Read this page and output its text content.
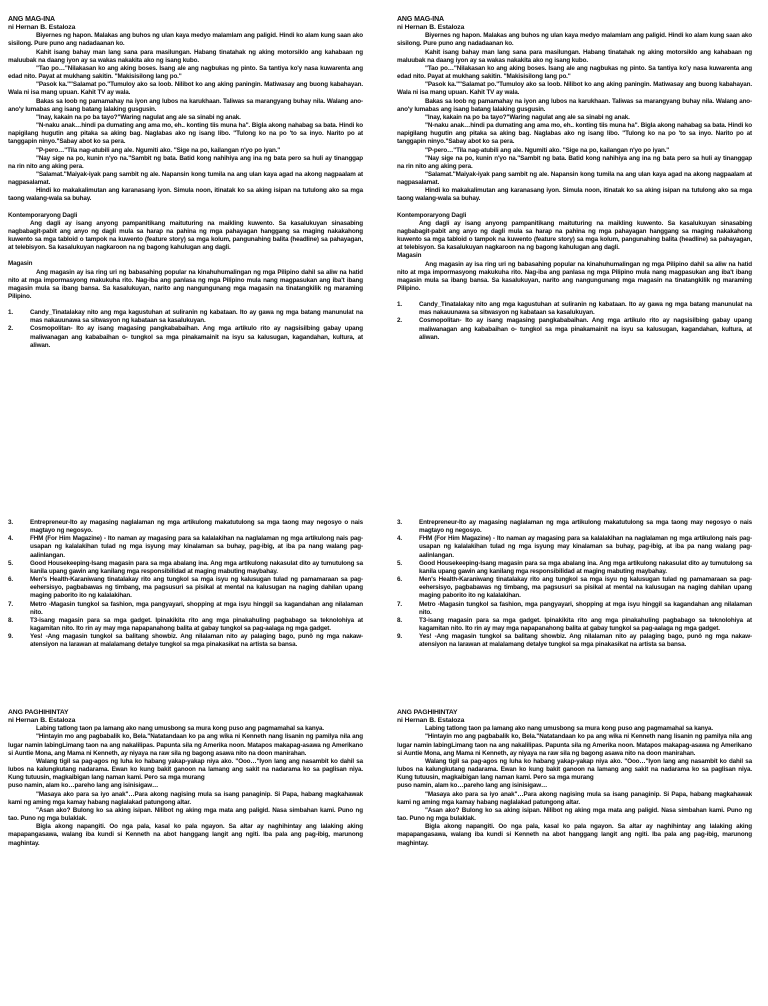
ANG MAG-INA

ni Hernan B. Estaloza

Biyernes ng hapon. Malakas ang buhos ng ulan kaya medyo malamlam ang paligid. Hindi ko alam kung saan ako sisilong. Pure puno ang nadadaanan ko.

Kahit isang bahay man lang sana para masilungan. Habang tinatahak ng aking motorsiklo ang kahabaan ng maluubak na daang iyon ay sa wakas nakakita ako ng isang kubo.

"Tao po…"Nilakasan ko ang aking boses. Isang ale ang nagbukas ng pinto. Sa tantiya ko'y nasa kuwarenta ang edad nito. Payat at mukhang sakitin. "Makisisilong lang po."

"Pasok ka.""Salamat po."Tumuloy ako sa loob. Nilibot ko ang aking paningin. Matiwasay ang buong kabahayan. Wala ni isa mang upuan. Kahit TV ay wala.

Bakas sa loob ng pamamahay na iyon ang lubos na karukhaan. Taliwas sa marangyang buhay nila. Walang ano-ano'y lumabas ang isang batang lalaking gusgusin.

"Inay, kakain na po ba tayo?"Waring nagulat ang ale sa sinabi ng anak.

"N-naku anak…hindi pa dumating ang ama mo, eh.. konting tiis muna ha". Bigla akong nahabag sa bata. Hindi ko napigilang hugutin ang pitaka sa aking bag. Naglabas ako ng isang libo. "Tulong ko na po 'to sa inyo. Narito po at tanggapin ninyo."Sabay abot ko sa pera.

"P-pero…"Tila nag-atubili ang ale. Ngumiti ako. "Sige na po, kailangan n'yo po iyan."

"Nay sige na po, kunin n'yo na."Sambit ng bata. Batid kong nahihiya ang ina ng bata pero sa huli ay tinanggap na rin nito ang aking pera.

"Salamat."Maiyak-iyak pang sambit ng ale. Napansin kong tumila na ang ulan kaya agad na akong nagpaalam at nagpasalamat.

Hindi ko makakalimutan ang karanasang iyon. Simula noon, itinatak ko sa aking isipan na tutulong ako sa mga taong walang-wala sa buhay.

Kontemporaryong Dagli

Ang dagli ay isang anyong pampanitikang maituturing na maikling kuwento. Sa kasalukuyan sinasabing nagbabagit-pabit ang anyo ng dagli mula sa harap na pahina ng mga pahayagan hanggang sa maging nakakahong kuwento sa mga tabloid o tampok na kuwento (feature story) sa mga kolum, pangunahing balita (headline) sa pahayagan, at telebisyon. Sa kasalukuyan nagkaroon na ng bagong kahulugan ang dagli.

Magasin

Ang magasin ay isa ring uri ng babasahing popular na kinahuhumalingan ng mga Pilipino dahil sa aliw na hatid nito at mga impormasyong makukuha rito. Nag-iba ang panlasa ng mga Pilipino mula nang magpasukan ang iba't ibang magasin mula sa ibang bansa. Sa kasalukuyan, narito ang nangungunang mga magasin na tinatangkilik ng maraming Pilipino.

1.	Candy_Tinatalakay nito ang mga kagustuhan at suliranin ng kabataan. Ito ay gawa ng mga batang manunulat na mas nakauunawa sa sitwasyon ng kabataan sa kasalukuyan.
2.	Cosmopolitan- Ito ay isang magasing pangkababaihan. Ang mga artikulo rito ay nagsisilbing gabay upang maliwanagan ang kababaihan o- tungkol sa mga pinakamainit na isyu sa kalusugan, kagandahan, kultura, at aliwan.
ANG MAG-INA

ni Hernan B. Estaloza

Biyernes ng hapon. Malakas ang buhos ng ulan kaya medyo malamlam ang paligid. Hindi ko alam kung saan ako sisilong. Pure puno ang nadadaanan ko.

Kahit isang bahay man lang sana para masilungan. Habang tinatahak ng aking motorsiklo ang kahabaan ng maluubak na daang iyon ay sa wakas nakakita ako ng isang kubo.

"Tao po…"Nilakasan ko ang aking boses. Isang ale ang nagbukas ng pinto. Sa tantiya ko'y nasa kuwarenta ang edad nito. Payat at mukhang sakitin. "Makisisilong lang po."

"Pasok ka.""Salamat po."Tumuloy ako sa loob. Nilibot ko ang aking paningin. Matiwasay ang buong kabahayan. Wala ni isa mang upuan. Kahit TV ay wala.

Bakas sa loob ng pamamahay na iyon ang lubos na karukhaan. Taliwas sa marangyang buhay nila. Walang ano-ano'y lumabas ang isang batang lalaking gusgusin.

"Inay, kakain na po ba tayo?"Waring nagulat ang ale sa sinabi ng anak.

"N-naku anak…hindi pa dumating ang ama mo, eh.. konting tiis muna ha". Bigla akong nahabag sa bata. Hindi ko napigilang hugutin ang pitaka sa aking bag. Naglabas ako ng isang libo. "Tulong ko na po 'to sa inyo. Narito po at tanggapin ninyo."Sabay abot ko sa pera.

"P-pero…"Tila nag-atubili ang ale. Ngumiti ako. "Sige na po, kailangan n'yo po iyan."

"Nay sige na po, kunin n'yo na."Sambit ng bata. Batid kong nahihiya ang ina ng bata pero sa huli ay tinanggap na rin nito ang aking pera.

"Salamat."Maiyak-iyak pang sambit ng ale. Napansin kong tumila na ang ulan kaya agad na akong nagpaalam at nagpasalamat.

Hindi ko makakalimutan ang karanasang iyon. Simula noon, itinatak ko sa aking isipan na tutulong ako sa mga taong walang-wala sa buhay.

Kontemporaryong Dagli

Ang dagli ay isang anyong pampanitikang maituturing na maikling kuwento. Sa kasalukuyan sinasabing nagbabagit-pabit ang anyo ng dagli mula sa harap na pahina ng mga pahayagan hanggang sa maging nakakahong kuwento sa mga tabloid o tampok na kuwento (feature story) sa mga kolum, pangunahing balita (headline) sa pahayagan, at telebisyon. Sa kasalukuyan nagkaroon na ng bagong kahulugan ang dagli.

Magasin

Ang magasin ay isa ring uri ng babasahing popular na kinahuhumalingan ng mga Pilipino dahil sa aliw na hatid nito at mga impormasyong makukuha rito. Nag-iba ang panlasa ng mga Pilipino mula nang magpasukan ang iba't ibang magasin mula sa ibang bansa. Sa kasalukuyan, narito ang nangungunang mga magasin na tinatangkilik ng maraming Pilipino.

1.	Candy_Tinatalakay nito ang mga kagustuhan at suliranin ng kabataan. Ito ay gawa ng mga batang manunulat na mas nakauunawa sa sitwasyon ng kabataan sa kasalukuyan.
2.	Cosmopolitan- Ito ay isang magasing pangkababaihan. Ang mga artikulo rito ay nagsisilbing gabay upang maliwanagan ang kababaihan o- tungkol sa mga pinakamainit na isyu sa kalusugan, kagandahan, kultura, at aliwan.
3.	Entrepreneur-Ito ay magasing naglalaman ng mga artikulong makatutulong sa mga taong may negosyo o nais magtayo ng negosyo.
4.	FHM (For Him Magazine) - Ito naman ay magasing para sa kalalakihan na naglalaman ng mga artikulong nais pag-usapan ng kalalakihan tulad ng mga isyung may kinalaman sa buhay, pag-ibig, at iba pa nang walang pag-aalinlangan.
5.	Good Housekeeping-Isang magasin para sa mga abalang ina. Ang mga artikulong nakasulat dito ay tumutulong sa kanila upang gawin ang kanilang mga responsibilidad at maging mabuting maybahay.
6.	Men's Health-Karaniwang tinatalakay rito ang tungkol sa mga isyu ng kalusugan tulad ng pamamaraan sa pag-eehersisyo, pagbabawas ng timbang, ma pagsusuri sa pisikal at mental na kalusugan na naging dahilan upang maging paborito ito ng kalalakihan.
7.	Metro -Magasin tungkol sa fashion, mga pangyayari, shopping at mga isyu hinggil sa kagandahan ang nilalaman nito.
8.	T3-isang magasin para sa mga gadget. Ipinakikita rito ang mga pinakahuling pagbabago sa teknolohiya at kagamitan nito. Ito rin ay may mga napapanahong balita at gabay tungkol sa pag-aalaga ng mga gadget.
9.	Yes! -Ang magasin tungkol sa balitang showbiz. Ang nilalaman nito ay palaging bago, punô ng mga nakaw-atensiyon na larawan at malalamang detalye tungkol sa mga pinakasikat na artista sa bansa.
3.	Entrepreneur-Ito ay magasing naglalaman ng mga artikulong makatutulong sa mga taong may negosyo o nais magtayo ng negosyo.
4.	FHM (For Him Magazine) - Ito naman ay magasing para sa kalalakihan na naglalaman ng mga artikulong nais pag-usapan ng kalalakihan tulad ng mga isyung may kinalaman sa buhay, pag-ibig, at iba pa nang walang pag-aalinlangan.
5.	Good Housekeeping-Isang magasin para sa mga abalang ina. Ang mga artikulong nakasulat dito ay tumutulong sa kanila upang gawin ang kanilang mga responsibilidad at maging mabuting maybahay.
6.	Men's Health-Karaniwang tinatalakay rito ang tungkol sa mga isyu ng kalusugan tulad ng pamamaraan sa pag-eehersisyo, pagbabawas ng timbang, ma pagsusuri sa pisikal at mental na kalusugan na naging dahilan upang maging paborito ito ng kalalakihan.
7.	Metro -Magasin tungkol sa fashion, mga pangyayari, shopping at mga isyu hinggil sa kagandahan ang nilalaman nito.
8.	T3-isang magasin para sa mga gadget. Ipinakikita rito ang mga pinakahuling pagbabago sa teknolohiya at kagamitan nito. Ito rin ay may mga napapanahong balita at gabay tungkol sa pag-aalaga ng mga gadget.
9.	Yes! -Ang magasin tungkol sa balitang showbiz. Ang nilalaman nito ay palaging bago, punô ng mga nakaw-atensiyon na larawan at malalamang detalye tungkol sa mga pinakasikat na artista sa bansa.

ANG PAGHIHINTAY

ni Hernan B. Estaloza

Labing tatlong taon pa lamang ako nang umusbong sa mura kong puso ang pagmamahal sa kanya.

"Hintayin mo ang pagbabalik ko, Bela."Natatandaan ko pa ang wika ni Kenneth nang lisanin ng pamilya nila ang lugar namin labingLimang taon na ang nakalilipas. Papunta sila ng Amerika noon. Matapos makapag-asawa ng Amerikano si Auntie Mona, ang Mama ni Kenneth, ay niyaya na raw sila ng bagong asawa nito na doon manirahan.

Walang tigil sa pag-agos ng luha ko habang yakap-yakap niya ako. "Ooo…"Iyon lang ang nasambit ko dahil sa lubos na kalungkutang nadarama. Ewan ko kung bakit ganoon na lamang ang sakit na nadarama ko sa paglisan niya. Kung tutuusin, magkaibigan lang naman kami. Pero sa mga murang

puso namin, alam ko…pareho lang ang isinisigaw…

"Masaya ako para sa iyo anak"…Para akong nagising mula sa isang panaginip. Si Papa, habang magkahawak kami ng aming mga kamay habang naglalakad patungong altar.

"Asan ako? Bulong ko sa aking isipan. Nilibot ng aking mga mata ang paligid. Nasa simbahan kami. Puno ng tao. Puno ng mga bulaklak.

Bigla akong napangiti. Oo nga pala, kasal ko pala ngayon. Sa altar ay naghihintay ang lalaking aking mapapangasawa, walang iba kundi si Kenneth na abot hanggang langit ang ngiti. Iba pala ang pag-ibig, marunong maghintay.

ANG PAGHIHINTAY

ni Hernan B. Estaloza

Labing tatlong taon pa lamang ako nang umusbong sa mura kong puso ang pagmamahal sa kanya.

"Hintayin mo ang pagbabalik ko, Bela."Natatandaan ko pa ang wika ni Kenneth nang lisanin ng pamilya nila ang lugar namin labingLimang taon na ang nakalilipas. Papunta sila ng Amerika noon. Matapos makapag-asawa ng Amerikano si Auntie Mona, ang Mama ni Kenneth, ay niyaya na raw sila ng bagong asawa nito na doon manirahan.

Walang tigil sa pag-agos ng luha ko habang yakap-yakap niya ako. "Ooo…"Iyon lang ang nasambit ko dahil sa lubos na kalungkutang nadarama. Ewan ko kung bakit ganoon na lamang ang sakit na nadarama ko sa paglisan niya. Kung tutuusin, magkaibigan lang naman kami. Pero sa mga murang

puso namin, alam ko…pareho lang ang isinisigaw…

"Masaya ako para sa iyo anak"…Para akong nagising mula sa isang panaginip. Si Papa, habang magkahawak kami ng aming mga kamay habang naglalakad patungong altar.

"Asan ako? Bulong ko sa aking isipan. Nilibot ng aking mga mata ang paligid. Nasa simbahan kami. Puno ng tao. Puno ng mga bulaklak.

Bigla akong napangiti. Oo nga pala, kasal ko pala ngayon. Sa altar ay naghihintay ang lalaking aking mapapangasawa, walang iba kundi si Kenneth na abot hanggang langit ang ngiti. Iba pala ang pag-ibig, marunong maghintay.
